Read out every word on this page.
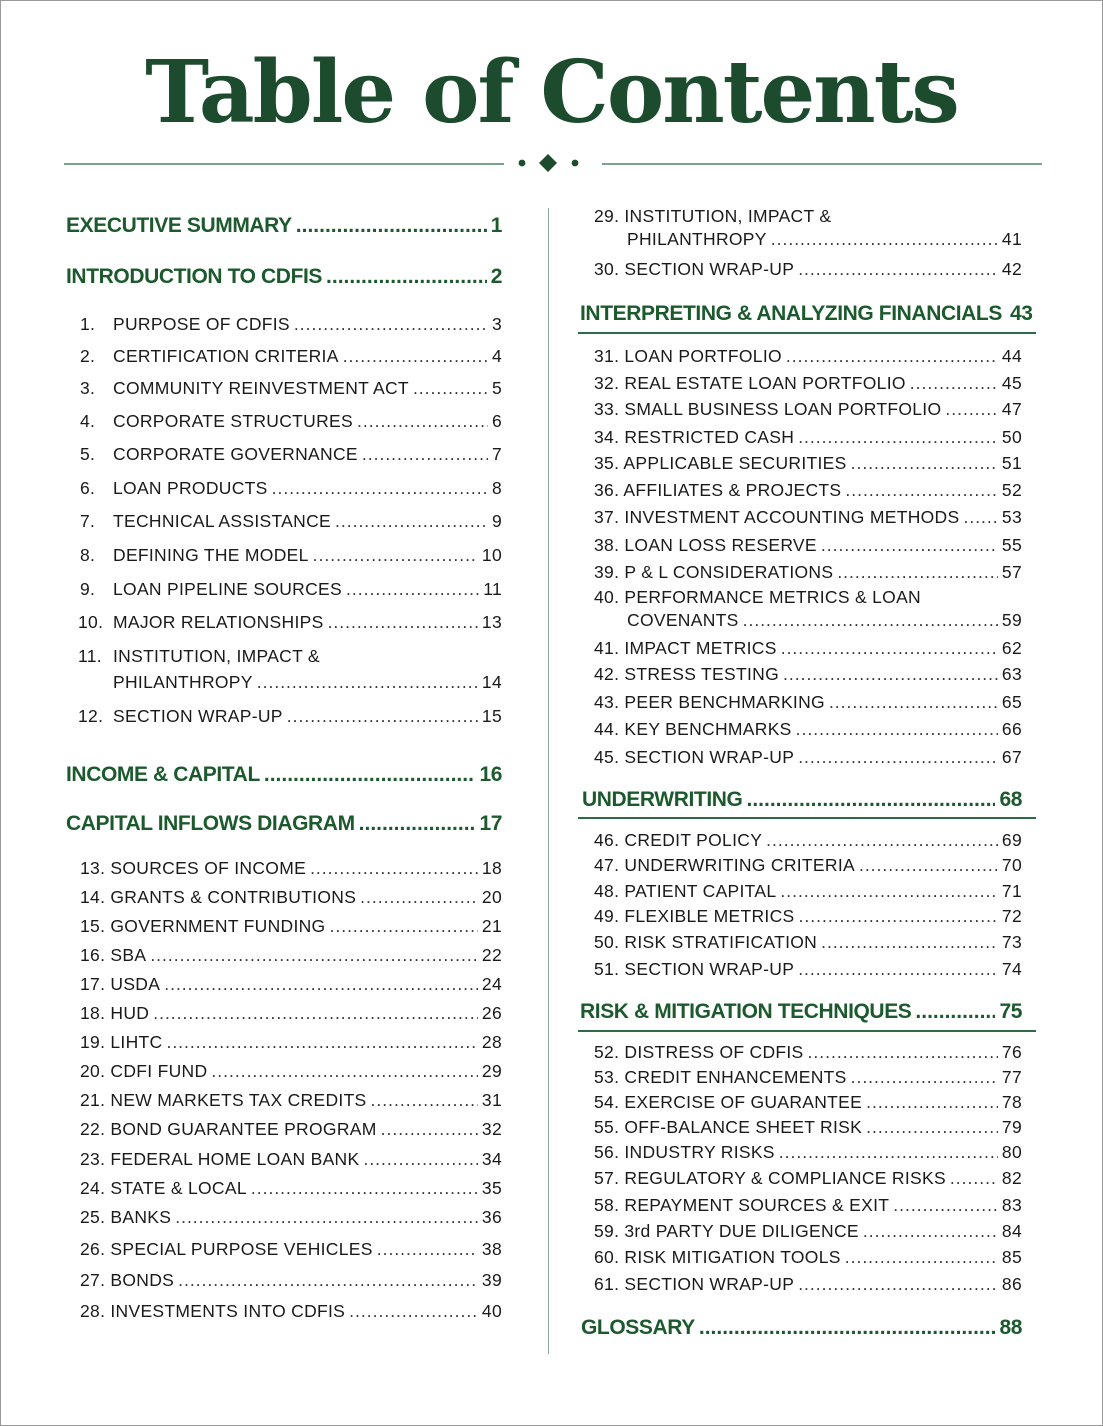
Table of Contents
EXECUTIVE SUMMARY .....	1
INTRODUCTION TO CDFIS .....	2
1.	PURPOSE OF CDFIS .....	3
2.	CERTIFICATION CRITERIA .....	4
3.	COMMUNITY REINVESTMENT ACT .....	5
4.	CORPORATE STRUCTURES .....	6
5.	CORPORATE GOVERNANCE .....	7
6.	LOAN PRODUCTS .....	8
7.	TECHNICAL ASSISTANCE .....	9
8.	DEFINING THE MODEL .....	10
9.	LOAN PIPELINE SOURCES .....	11
10. MAJOR RELATIONSHIPS .....	13
11. INSTITUTION, IMPACT &
PHILANTHROPY .....	14
12. SECTION WRAP-UP .....	15
INCOME & CAPITAL .....	16
CAPITAL INFLOWS DIAGRAM .....	17
13. SOURCES OF INCOME .....	18
14. GRANTS & CONTRIBUTIONS .....	20
15. GOVERNMENT FUNDING .....	21
16. SBA .....	22
17. USDA .....	24
18. HUD .....	26
19. LIHTC .....	28
20. CDFI FUND .....	29
21. NEW MARKETS TAX CREDITS .....	31
22. BOND GUARANTEE PROGRAM .....	32
23. FEDERAL HOME LOAN BANK .....	34
24. STATE & LOCAL .....	35
25. BANKS .....	36
26. SPECIAL PURPOSE VEHICLES .....	38
27. BONDS .....	39
28. INVESTMENTS INTO CDFIS .....	40
29. INSTITUTION, IMPACT &
PHILANTHROPY .....	41
30. SECTION WRAP-UP .....	42
INTERPRETING & ANALYZING FINANCIALS 43
31. LOAN PORTFOLIO .....	44
32. REAL ESTATE LOAN PORTFOLIO .....	45
33. SMALL BUSINESS LOAN PORTFOLIO .....	47
34. RESTRICTED CASH .....	50
35. APPLICABLE SECURITIES .....	51
36. AFFILIATES & PROJECTS .....	52
37. INVESTMENT ACCOUNTING METHODS ..... 53
38. LOAN LOSS RESERVE .....	55
39. P & L CONSIDERATIONS .....	57
40. PERFORMANCE METRICS & LOAN
COVENANTS .....	59
41. IMPACT METRICS .....	62
42. STRESS TESTING .....	63
43. PEER BENCHMARKING .....	65
44. KEY BENCHMARKS .....	66
45. SECTION WRAP-UP .....	67
UNDERWRITING .....	68
46. CREDIT POLICY .....	69
47. UNDERWRITING CRITERIA .....	70
48. PATIENT CAPITAL .....	71
49. FLEXIBLE METRICS .....	72
50. RISK STRATIFICATION .....	73
51. SECTION WRAP-UP .....	74
RISK & MITIGATION TECHNIQUES .....	75
52. DISTRESS OF CDFIS .....	76
53. CREDIT ENHANCEMENTS .....	77
54. EXERCISE OF GUARANTEE .....	78
55. OFF-BALANCE SHEET RISK .....	79
56. INDUSTRY RISKS .....	80
57. REGULATORY & COMPLIANCE RISKS .....	82
58. REPAYMENT SOURCES & EXIT .....	83
59. 3rd PARTY DUE DILIGENCE .....	84
60. RISK MITIGATION TOOLS .....	85
61. SECTION WRAP-UP .....	86
GLOSSARY .....	88
